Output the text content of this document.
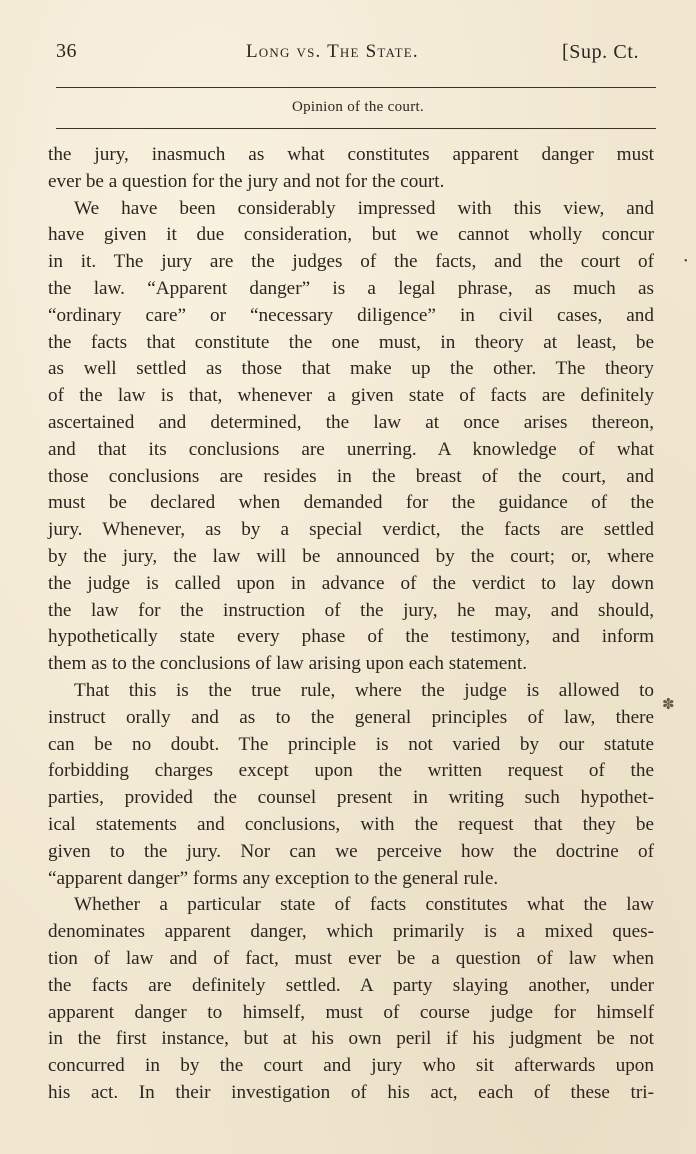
36	Long vs. The State.	[Sup. Ct.
Opinion of the court.
the jury, inasmuch as what constitutes apparent danger must
ever be a question for the jury and not for the court.
We have been considerably impressed with this view, and
have given it due consideration, but we cannot wholly concur
in it. The jury are the judges of the facts, and the court of
the law. “Apparent danger” is a legal phrase, as much as
“ordinary care” or “necessary diligence” in civil cases, and
the facts that constitute the one must, in theory at least, be
as well settled as those that make up the other. The theory
of the law is that, whenever a given state of facts are definitely
ascertained and determined, the law at once arises thereon,
and that its conclusions are unerring. A knowledge of what
those conclusions are resides in the breast of the court, and
must be declared when demanded for the guidance of the
jury. Whenever, as by a special verdict, the facts are settled
by the jury, the law will be announced by the court; or, where
the judge is called upon in advance of the verdict to lay down
the law for the instruction of the jury, he may, and should,
hypothetically state every phase of the testimony, and inform
them as to the conclusions of law arising upon each statement.
That this is the true rule, where the judge is allowed to
instruct orally and as to the general principles of law, there
can be no doubt. The principle is not varied by our statute
forbidding charges except upon the written request of the
parties, provided the counsel present in writing such hypothet-
ical statements and conclusions, with the request that they be
given to the jury. Nor can we perceive how the doctrine of
“apparent danger” forms any exception to the general rule.
Whether a particular state of facts constitutes what the law
denominates apparent danger, which primarily is a mixed ques-
tion of law and of fact, must ever be a question of law when
the facts are definitely settled. A party slaying another, under
apparent danger to himself, must of course judge for himself
in the first instance, but at his own peril if his judgment be not
concurred in by the court and jury who sit afterwards upon
his act. In their investigation of his act, each of these tri-
•
✽
